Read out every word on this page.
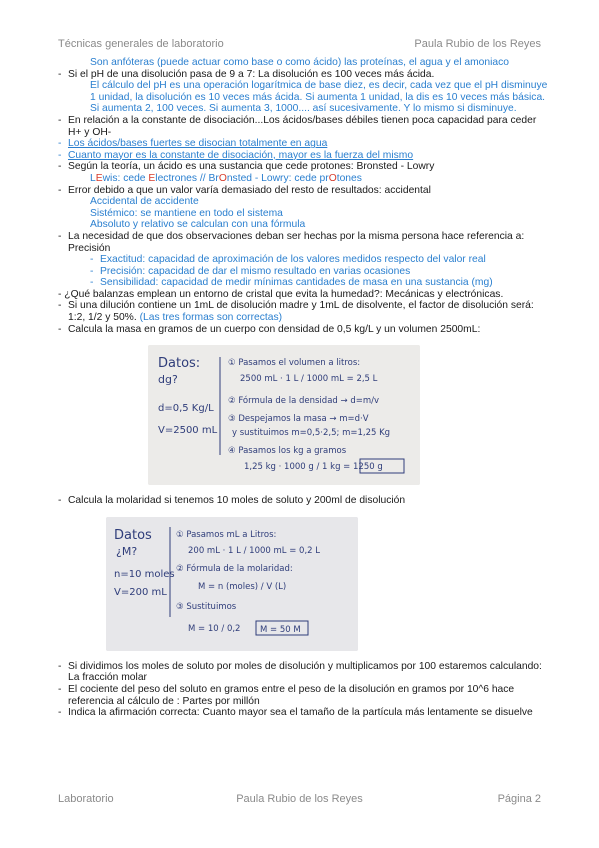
Técnicas generales de laboratorio	Paula Rubio de los Reyes
Son anfóteras (puede actuar como base o como ácido) las proteínas, el agua y el amoniaco
- Si el pH de una disolución pasa de 9 a 7: La disolución es 100 veces más ácida.
El cálculo del pH es una operación logarítmica de base diez, es decir, cada vez que el pH disminuye 1 unidad, la disolución es 10 veces más ácida. Si aumenta 1 unidad, la dis es 10 veces más básica. Si aumenta 2, 100 veces. Si aumenta 3, 1000.... así sucesivamente. Y lo mismo si disminuye.
- En relación a la constante de disociación...Los ácidos/bases débiles tienen poca capacidad para ceder H+ y OH-
- Los ácidos/bases fuertes se disocian totalmente en agua
- Cuanto mayor es la constante de disociación, mayor es la fuerza del mismo
- Según la teoría, un ácido es una sustancia que cede protones: Bronsted - Lowry
LEwis: cede Electrones // BrOnsted - Lowry: cede prOtones
- Error debido a que un valor varía demasiado del resto de resultados: accidental
Accidental de accidente
Sistémico: se mantiene en todo el sistema
Absoluto y relativo se calculan con una fórmula
- La necesidad de que dos observaciones deban ser hechas por la misma persona hace referencia a: Precisión
- Exactitud: capacidad de aproximación de los valores medidos respecto del valor real
- Precisión: capacidad de dar el mismo resultado en varias ocasiones
- Sensibilidad: capacidad de medir mínimas cantidades de masa en una sustancia (mg)
- ¿Qué balanzas emplean un entorno de cristal que evita la humedad?: Mecánicas y electrónicas.
- Si una dilución contiene un 1mL de disolución madre y 1mL de disolvente, el factor de disolución será: 1:2, 1/2 y 50%. (Las tres formas son correctas)
- Calcula la masa en gramos de un cuerpo con densidad de 0,5 kg/L y un volumen 2500mL:
Datos:
dg?
d=0,5 Kg/L
V=2500 mL
① Pasamos el volumen a litros:
2500 mL · 1 L / 1000 mL = 2,5 L
② Fórmula de la densidad → d=m/v
③ Despejamos la masa → m=d·V
y sustituimos m=0,5·2,5; m=1,25 Kg
④ Pasamos los kg a gramos
1,25 kg · 1000 g / 1 kg = 1250 g
- Calcula la molaridad si tenemos 10 moles de soluto y 200ml de disolución
Datos
¿M?
n=10 moles
V=200 mL
① Pasamos mL a Litros:
200 mL · 1 L / 1000 mL = 0,2 L
② Fórmula de la molaridad:
M = n (moles) / V (L)
③ Sustituimos
M = 10 / 0,2 M = 50 M
- Si dividimos los moles de soluto por moles de disolución y multiplicamos por 100 estaremos calculando: La fracción molar
- El cociente del peso del soluto en gramos entre el peso de la disolución en gramos por 10^6 hace referencia al cálculo de : Partes por millón
- Indica la afirmación correcta: Cuanto mayor sea el tamaño de la partícula más lentamente se disuelve
Laboratorio	Paula Rubio de los Reyes	Página 2
